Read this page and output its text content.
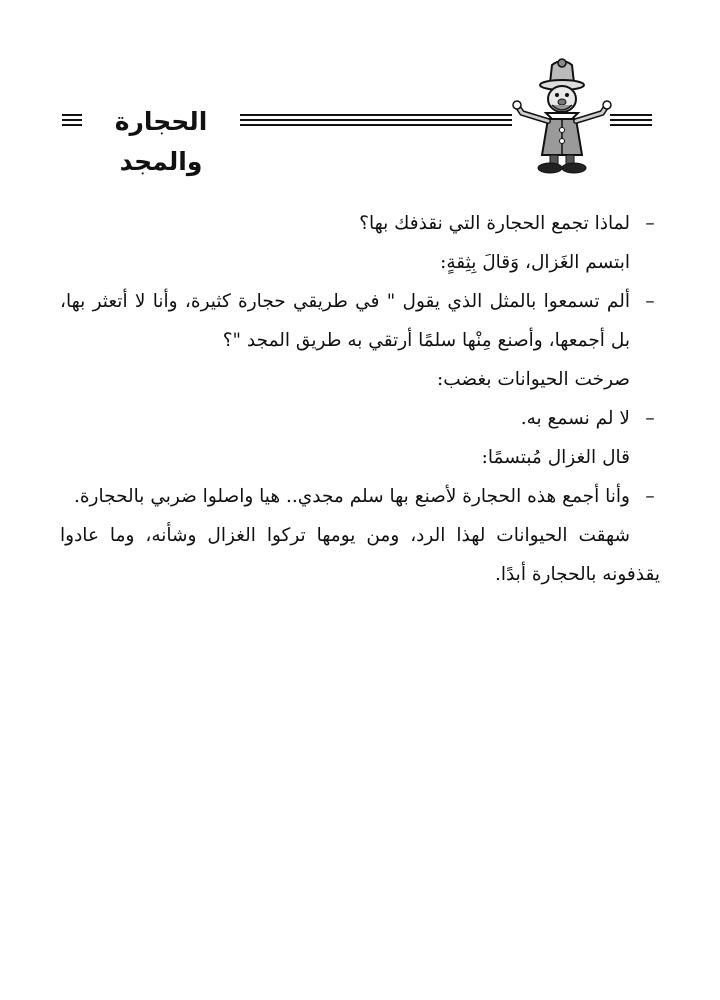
الحجارة والمجد

–
لماذا تجمع الحجارة التي نقذفك بها؟

ابتسم الغَزال، وَقالَ بِثِقةٍ:

–
ألم تسمعوا بالمثل الذي يقول " في طريقي حجارة كثيرة، وأنا لا أتعثر بها، بل أجمعها، وأصنع مِنْها سلمًا أرتقي به طريق المجد "؟

صرخت الحيوانات بغضب:

–
لا لم نسمع به.

قال الغزال مُبتسمًا:

–
وأنا أجمع هذه الحجارة لأصنع بها سلم مجدي.. هيا واصلوا ضربي بالحجارة.

شهقت الحيوانات لهذا الرد، ومن يومها تركوا الغزال وشأنه، وما عادوا يقذفونه بالحجارة أبدًا.
